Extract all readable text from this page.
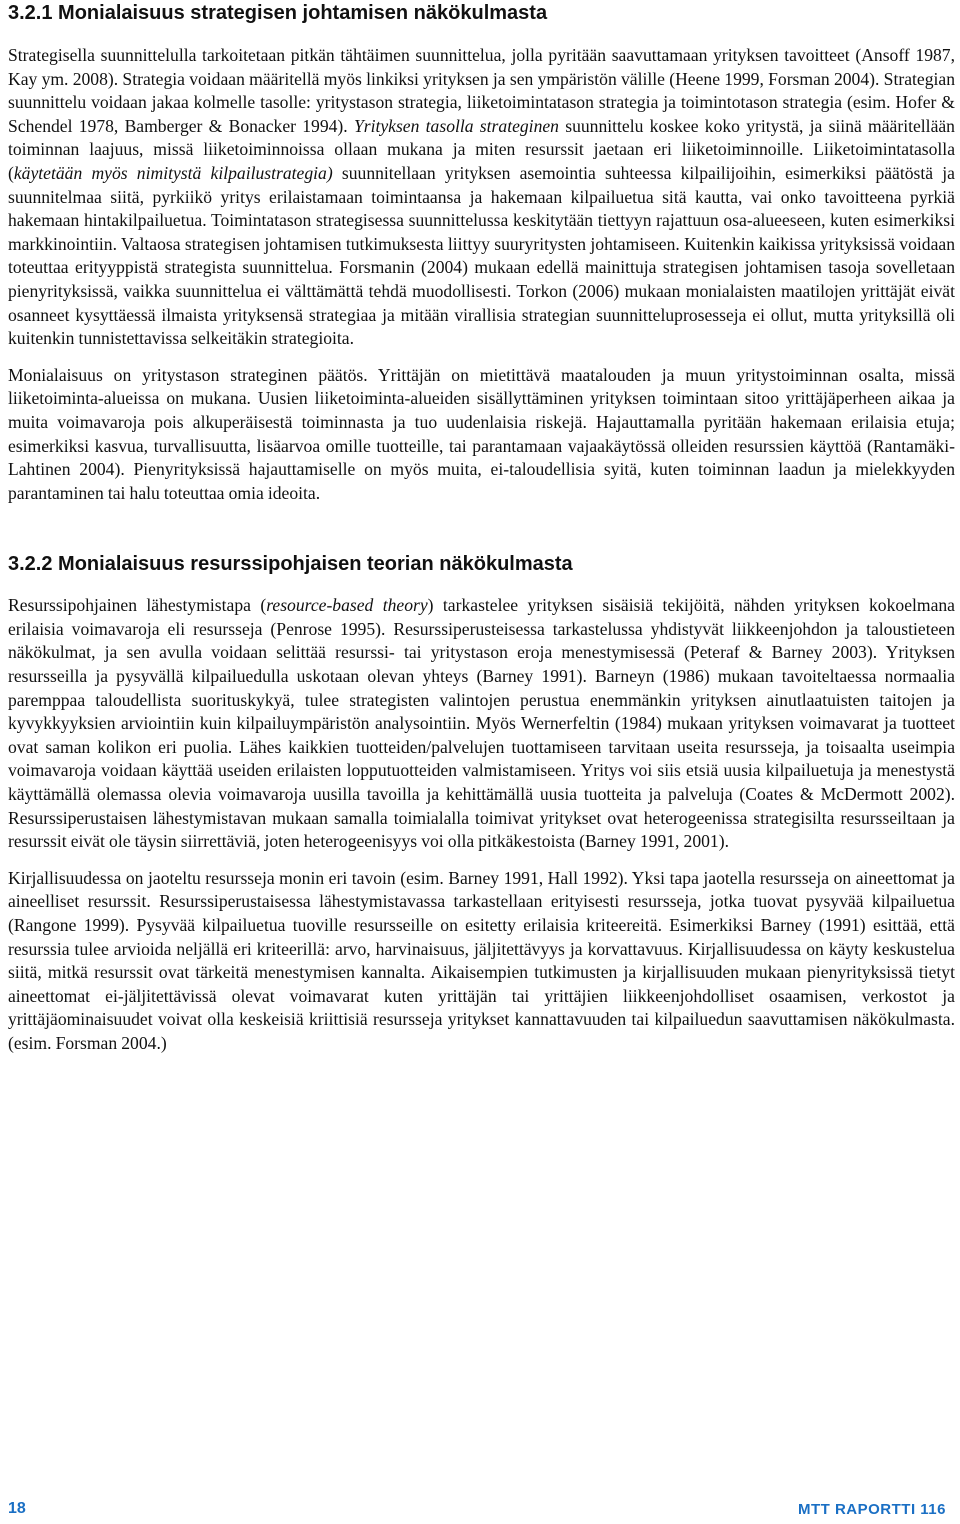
3.2.1 Monialaisuus strategisen johtamisen näkökulmasta

Strategisella suunnittelulla tarkoitetaan pitkän tähtäimen suunnittelua, jolla pyritään saavuttamaan yrityksen tavoitteet (Ansoff 1987, Kay ym. 2008). Strategia voidaan määritellä myös linkiksi yrityksen ja sen ympäristön välille (Heene 1999, Forsman 2004). Strategian suunnittelu voidaan jakaa kolmelle tasolle: yritystason strategia, liiketoimintatason strategia ja toimintotason strategia (esim. Hofer & Schendel 1978, Bamberger & Bonacker 1994). Yrityksen tasolla strateginen suunnittelu koskee koko yritystä, ja siinä määritellään toiminnan laajuus, missä liiketoiminnoissa ollaan mukana ja miten resurssit jaetaan eri liiketoiminnoille. Liiketoimintatasolla (käytetään myös nimitystä kilpailustrategia) suunnitellaan yrityksen asemointia suhteessa kilpailijoihin, esimerkiksi päätöstä ja suunnitelmaa siitä, pyrkiikö yritys erilaistamaan toimintaansa ja hakemaan kilpailuetua sitä kautta, vai onko tavoitteena pyrkiä hakemaan hintakilpailuetua. Toimintatason strategisessa suunnittelussa keskitytään tiettyyn rajattuun osa-alueeseen, kuten esimerkiksi markkinointiin. Valtaosa strategisen johtamisen tutkimuksesta liittyy suuryritysten johtamiseen. Kuitenkin kaikissa yrityksissä voidaan toteuttaa erityyppistä strategista suunnittelua. Forsmanin (2004) mukaan edellä mainittuja strategisen johtamisen tasoja sovelletaan pienyrityksissä, vaikka suunnittelua ei välttämättä tehdä muodollisesti. Torkon (2006) mukaan monialaisten maatilojen yrittäjät eivät osanneet kysyttäessä ilmaista yrityksensä strategiaa ja mitään virallisia strategian suunnitteluprosesseja ei ollut, mutta yrityksillä oli kuitenkin tunnistettavissa selkeitäkin strategioita.

Monialaisuus on yritystason strateginen päätös. Yrittäjän on mietittävä maatalouden ja muun yritystoiminnan osalta, missä liiketoiminta-alueissa on mukana. Uusien liiketoiminta-alueiden sisällyttäminen yrityksen toimintaan sitoo yrittäjäperheen aikaa ja muita voimavaroja pois alkuperäisestä toiminnasta ja tuo uudenlaisia riskejä. Hajauttamalla pyritään hakemaan erilaisia etuja; esimerkiksi kasvua, turvallisuutta, lisäarvoa omille tuotteille, tai parantamaan vajaakäytössä olleiden resurssien käyttöä (Rantamäki-Lahtinen 2004). Pienyrityksissä hajauttamiselle on myös muita, ei-taloudellisia syitä, kuten toiminnan laadun ja mielekkyyden parantaminen tai halu toteuttaa omia ideoita.

3.2.2 Monialaisuus resurssipohjaisen teorian näkökulmasta

Resurssipohjainen lähestymistapa (resource-based theory) tarkastelee yrityksen sisäisiä tekijöitä, nähden yrityksen kokoelmana erilaisia voimavaroja eli resursseja (Penrose 1995). Resurssiperusteisessa tarkastelussa yhdistyvät liikkeenjohdon ja taloustieteen näkökulmat, ja sen avulla voidaan selittää resurssi- tai yritystason eroja menestymisessä (Peteraf & Barney 2003). Yrityksen resursseilla ja pysyvällä kilpailuedulla uskotaan olevan yhteys (Barney 1991). Barneyn (1986) mukaan tavoiteltaessa normaalia paremppaa taloudellista suorituskykyä, tulee strategisten valintojen perustua enemmänkin yrityksen ainutlaatuisten taitojen ja kyvykkyyksien arviointiin kuin kilpailuympäristön analysointiin. Myös Wernerfeltin (1984) mukaan yrityksen voimavarat ja tuotteet ovat saman kolikon eri puolia. Lähes kaikkien tuotteiden/palvelujen tuottamiseen tarvitaan useita resursseja, ja toisaalta useimpia voimavaroja voidaan käyttää useiden erilaisten lopputuotteiden valmistamiseen. Yritys voi siis etsiä uusia kilpailuetuja ja menestystä käyttämällä olemassa olevia voimavaroja uusilla tavoilla ja kehittämällä uusia tuotteita ja palveluja (Coates & McDermott 2002). Resurssiperustaisen lähestymistavan mukaan samalla toimialalla toimivat yritykset ovat heterogeenissa strategisilta resursseiltaan ja resurssit eivät ole täysin siirrettäviä, joten heterogeenisyys voi olla pitkäkestoista (Barney 1991, 2001).

Kirjallisuudessa on jaoteltu resursseja monin eri tavoin (esim. Barney 1991, Hall 1992). Yksi tapa jaotella resursseja on aineettomat ja aineelliset resurssit. Resurssiperustaisessa lähestymistavassa tarkastellaan erityisesti resursseja, jotka tuovat pysyvää kilpailuetua (Rangone 1999). Pysyvää kilpailuetua tuoville resursseille on esitetty erilaisia kriteereitä. Esimerkiksi Barney (1991) esittää, että resurssia tulee arvioida neljällä eri kriteerillä: arvo, harvinaisuus, jäljitettävyys ja korvattavuus. Kirjallisuudessa on käyty keskustelua siitä, mitkä resurssit ovat tärkeitä menestymisen kannalta. Aikaisempien tutkimusten ja kirjallisuuden mukaan pienyrityksissä tietyt aineettomat ei-jäljitettävissä olevat voimavarat kuten yrittäjän tai yrittäjien liikkeenjohdolliset osaamisen, verkostot ja yrittäjäominaisuudet voivat olla keskeisiä kriittisiä resursseja yritykset kannattavuuden tai kilpailuedun saavuttamisen näkökulmasta. (esim. Forsman 2004.)

18	MTT RAPORTTI 116
